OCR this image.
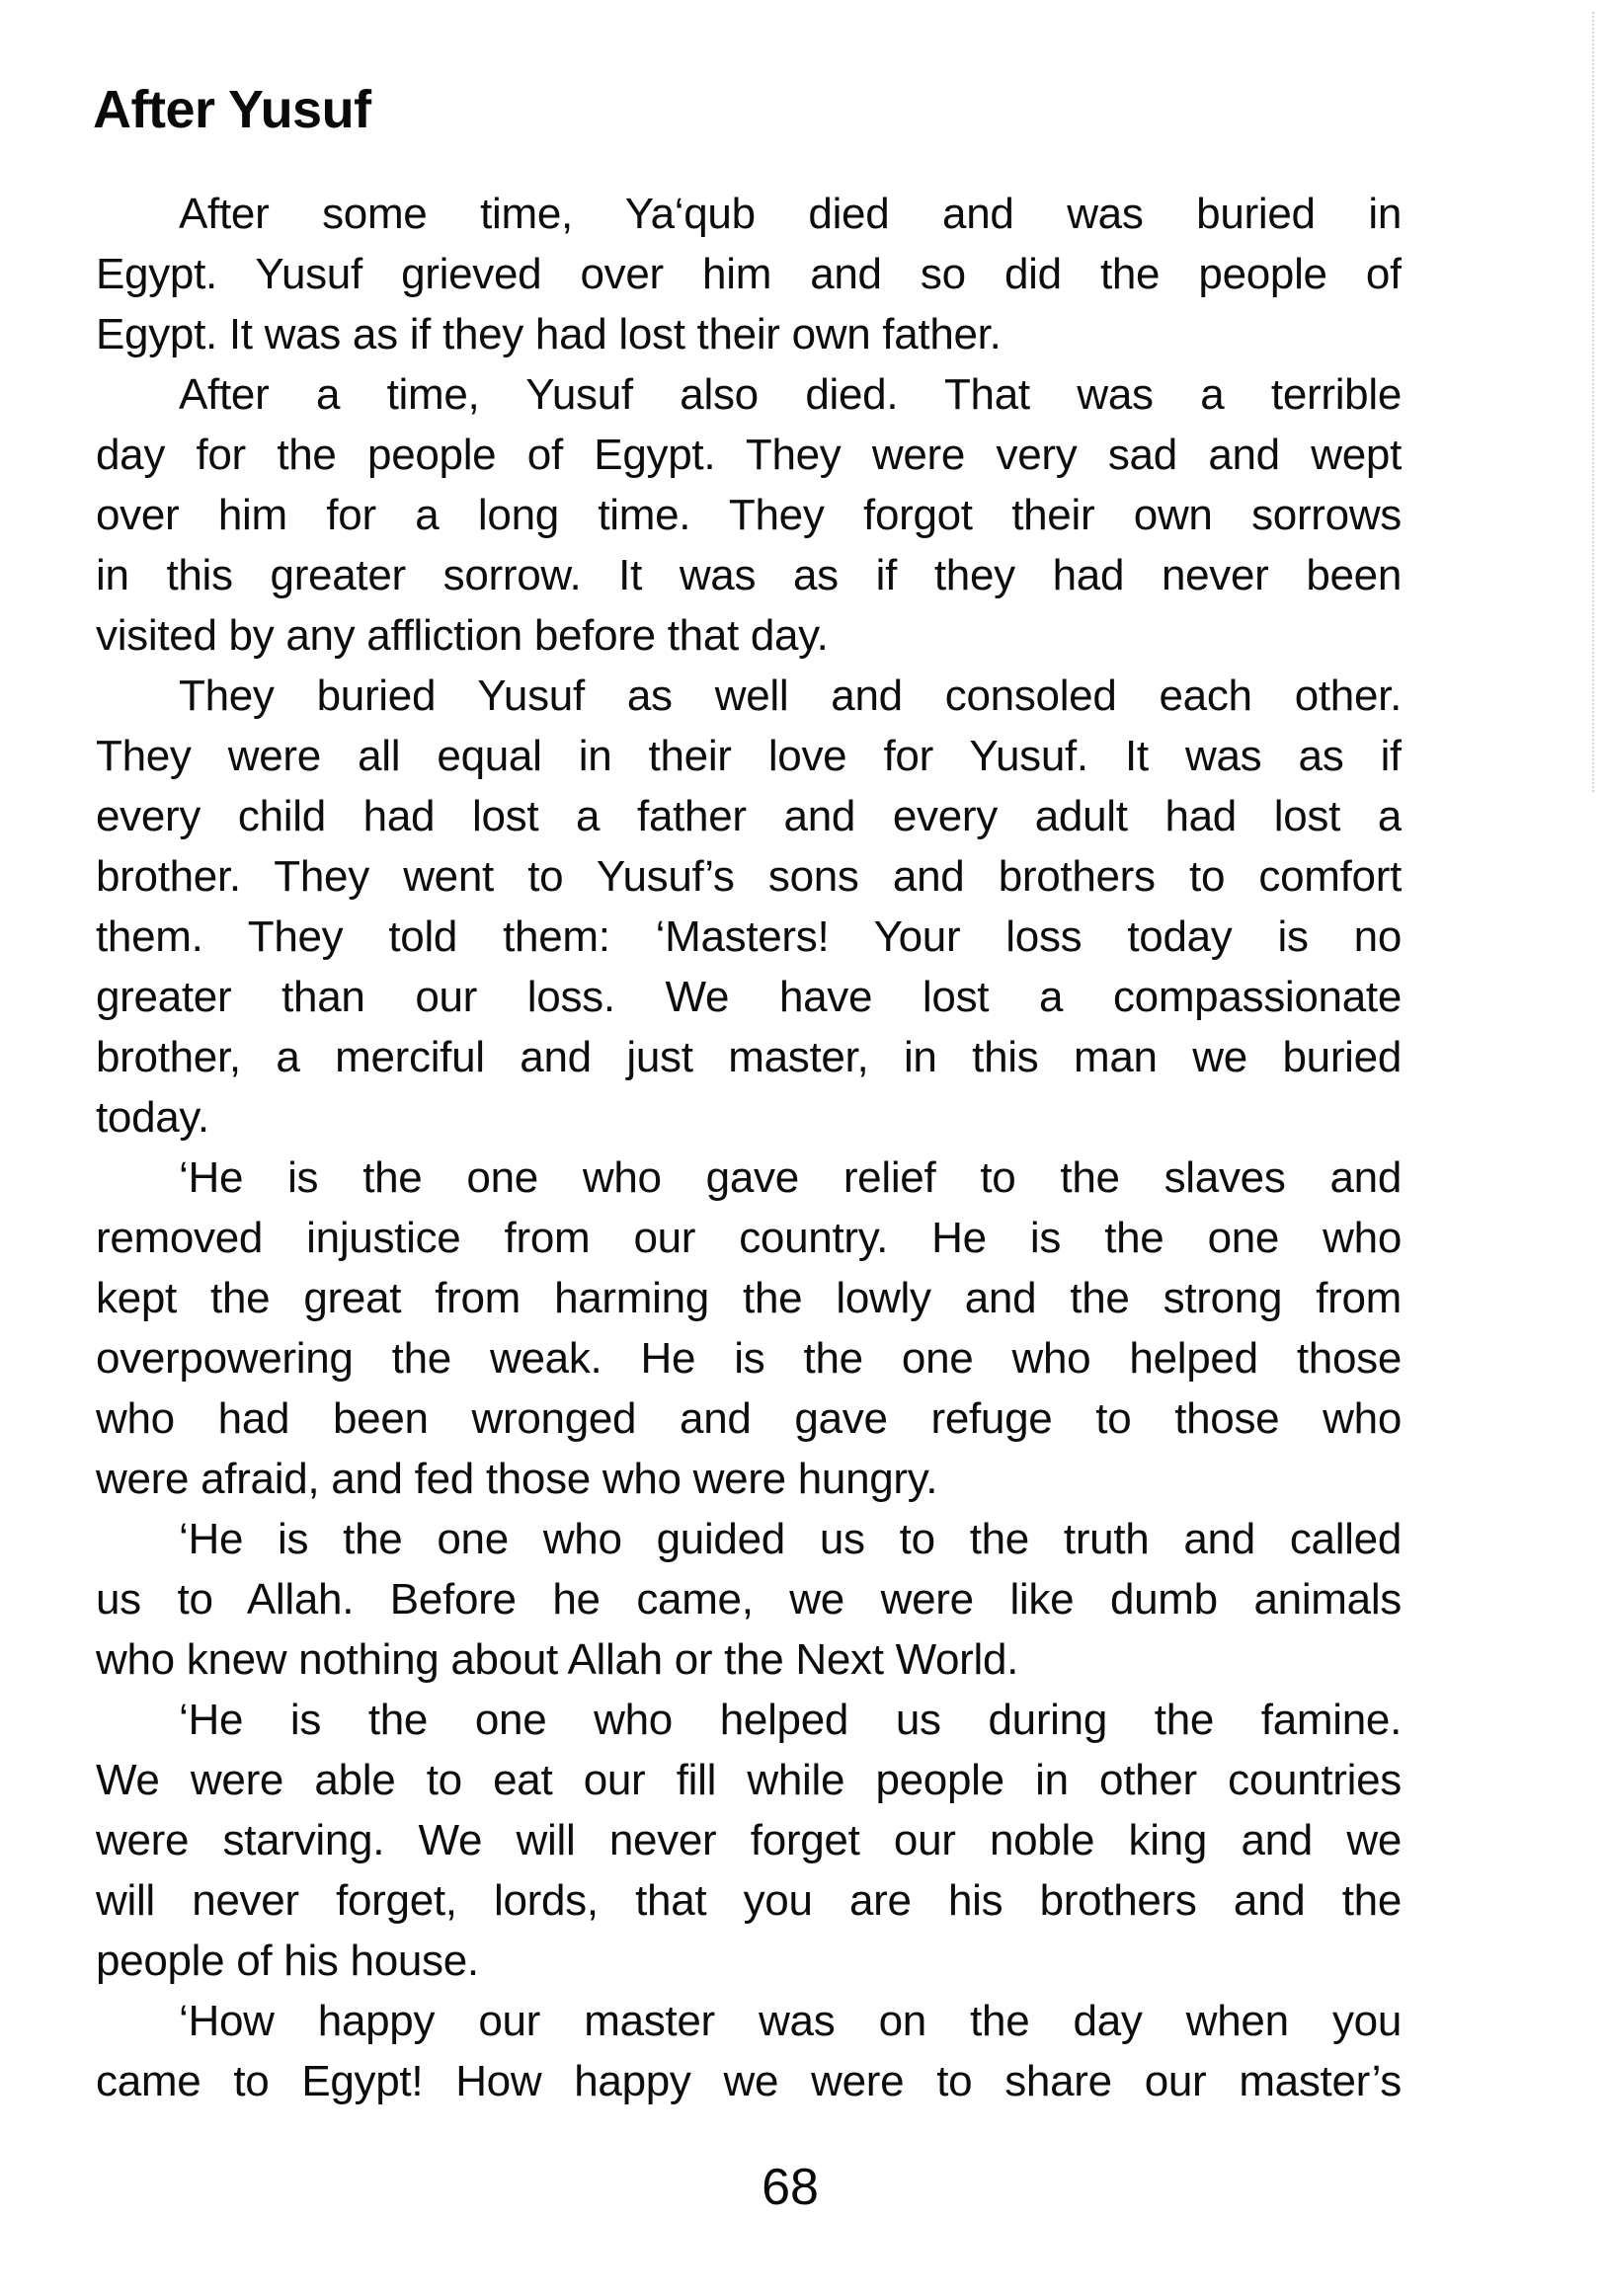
After Yusuf
After some time, Ya‘qub died and was buried in
Egypt. Yusuf grieved over him and so did the people of
Egypt. It was as if they had lost their own father.
After a time, Yusuf also died. That was a terrible
day for the people of Egypt. They were very sad and wept
over him for a long time. They forgot their own sorrows
in this greater sorrow. It was as if they had never been
visited by any affliction before that day.
They buried Yusuf as well and consoled each other.
They were all equal in their love for Yusuf. It was as if
every child had lost a father and every adult had lost a
brother. They went to Yusuf’s sons and brothers to comfort
them. They told them: ‘Masters! Your loss today is no
greater than our loss. We have lost a compassionate
brother, a merciful and just master, in this man we buried
today.
‘He is the one who gave relief to the slaves and
removed injustice from our country. He is the one who
kept the great from harming the lowly and the strong from
overpowering the weak. He is the one who helped those
who had been wronged and gave refuge to those who
were afraid, and fed those who were hungry.
‘He is the one who guided us to the truth and called
us to Allah. Before he came, we were like dumb animals
who knew nothing about Allah or the Next World.
‘He is the one who helped us during the famine.
We were able to eat our fill while people in other countries
were starving. We will never forget our noble king and we
will never forget, lords, that you are his brothers and the
people of his house.
‘How happy our master was on the day when you
came to Egypt! How happy we were to share our master’s
68
